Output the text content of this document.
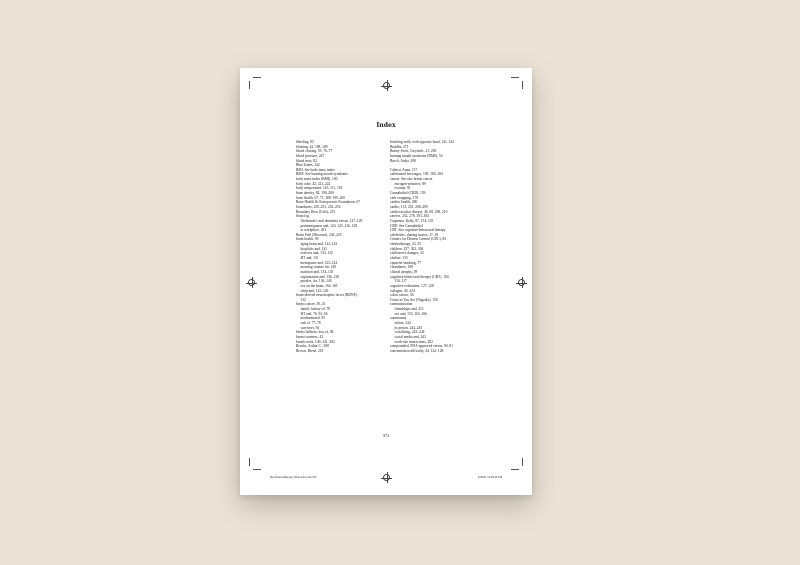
Index
bleeding, 85
bloating, 42, 188–189
blood clotting, 59, 76–77
blood pressure, 247
blood tests, 82
Blue Zones, 242
BMI. See body mass index
BMS. See burning mouth syndrome
body mass index (BMI), 100
body odor, 42, 221–222
body temperature, 110–111, 118
bone density, 82, 190–200
bone health, 67, 71, 188, 199–200
Bone Health & Osteoporosis Foundation, 67
boundaries, 250–251, 252–254
Boundary Boss (Cole), 251
brain fog
Alzheimer's and dementia versus, 127–129
perimenopause and, 124, 125–126, 128
at workplace, 281
Brain Fuel (Mosconi), 234–235
brain health, 50
aging brain and, 142–143
bioplicks and, 132
exercise and, 133–132
HT and, 131
menopause and, 123–124
morning routine for, 140
nutrition and, 134–135
organization and, 136–138
puzzles, for, 136–140
sex on the brain, 164–165
sleep and, 125–126
brain-derived neurotrophic factor (BDNF),
132
breast cancer, 30–31
family history of, 78
HT and, 76, 92–94
nonhormonal, 85
risk of, 77–78
survivors, 94
breast fullness, loss of, 58
breast soreness, 42
breath work, 140–141, 282
Brooks, Arthur C., 308
Brown, Brené, 218
brushing teeth, with opposite hand, 141–142
Buddha, 271
Bunny-Scott, Gwynedc, 21, 283
burning mouth syndrome (BMS), 54
Burch, Aisha, 298
Cabeca, Anna, 157
caffeinated beverages, 109, 183–184
cancer. See also breast cancer
estrogen-sensitive, 89
ovarian, 91
Cannabidiol (CBD), 159
carb swapping, 178
cardiac health, 280
cardio, 131, 201, 208–209
cardiovascular disease, 46, 68, 208, 210
careers, 232, 278, 303–304
Carpenter, Kelly, 87, 154–155
CBD. See Cannabidiol
CBT. See cognitive behavioral therapy
celebrities, sharing stories, 17–18
Centers for Disease Control (CDC), 83
chemotherapy, 23, 25
children, 257, 302–304
cholesterol changes, 43
choline, 135
cigarette smoking, 77
cleanliness, 108
clitoral atrophy, 39
cognitive behavioral therapy (CBT), 100,
116–117
cognitive evaluation, 127–128
collagen, 40, 224
colon cancer, 36
Come as You Are (Nagoski), 150
communication
friendships and, 251
sex and, 153, 165–166
community
online, 244
in person, 244–245
socializing, 243–244
social media and, 243
work-site interactions, 282
compounded, FDA-approved versus, 90–91
concentration difficulty, 44, 124, 128
372
MenoPauseManual_MCameFs.indd 372	4/30/21 12:05:43 PM
